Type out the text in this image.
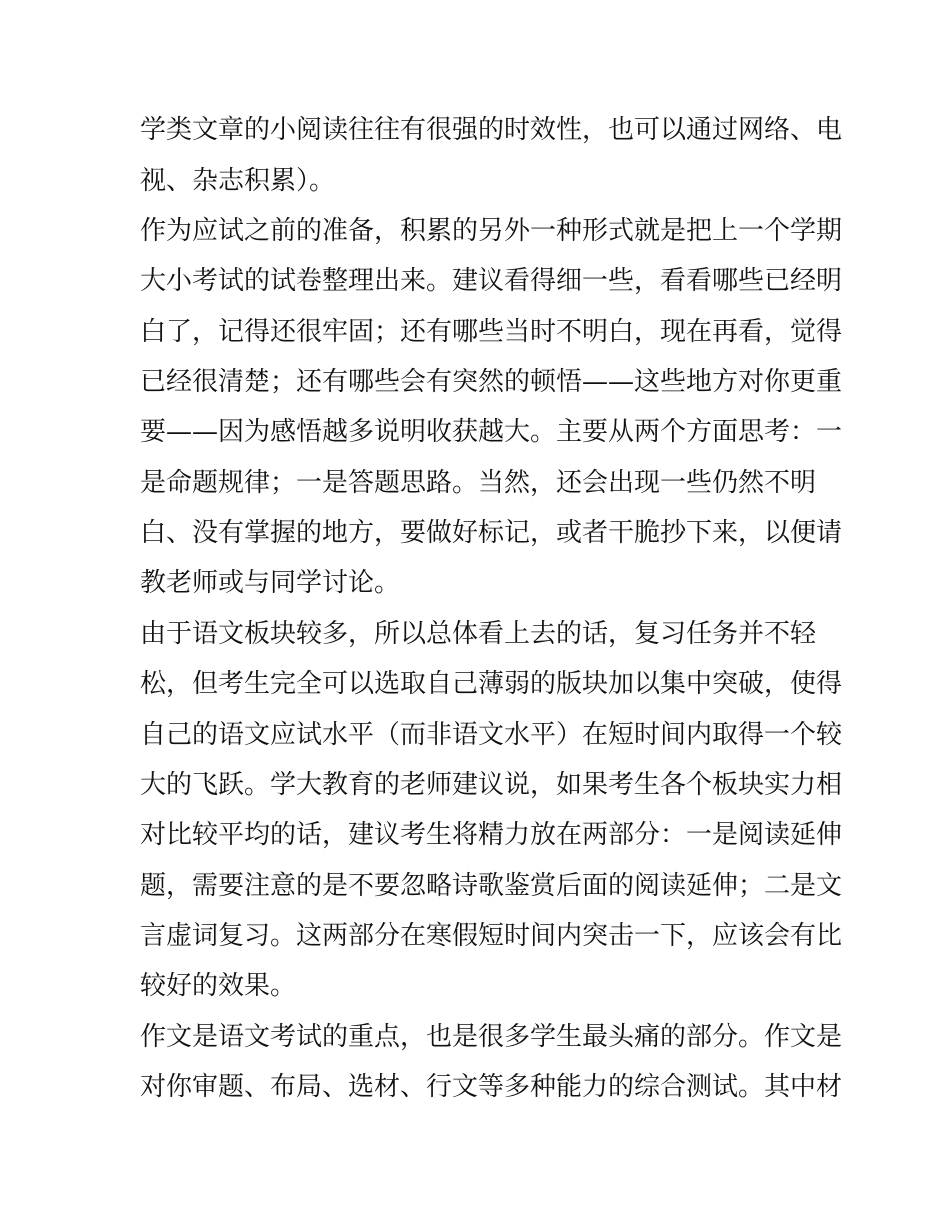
学类文章的小阅读往往有很强的时效性，也可以通过网络、电
视、杂志积累）。
作为应试之前的准备，积累的另外一种形式就是把上一个学期
大小考试的试卷整理出来。建议看得细一些，看看哪些已经明
白了，记得还很牢固；还有哪些当时不明白，现在再看，觉得
已经很清楚；还有哪些会有突然的顿悟——这些地方对你更重
要——因为感悟越多说明收获越大。主要从两个方面思考：一
是命题规律；一是答题思路。当然，还会出现一些仍然不明
白、没有掌握的地方，要做好标记，或者干脆抄下来，以便请
教老师或与同学讨论。
由于语文板块较多，所以总体看上去的话，复习任务并不轻
松，但考生完全可以选取自己薄弱的版块加以集中突破，使得
自己的语文应试水平（而非语文水平）在短时间内取得一个较
大的飞跃。学大教育的老师建议说，如果考生各个板块实力相
对比较平均的话，建议考生将精力放在两部分：一是阅读延伸
题，需要注意的是不要忽略诗歌鉴赏后面的阅读延伸；二是文
言虚词复习。这两部分在寒假短时间内突击一下，应该会有比
较好的效果。
作文是语文考试的重点，也是很多学生最头痛的部分。作文是
对你审题、布局、选材、行文等多种能力的综合测试。其中材
